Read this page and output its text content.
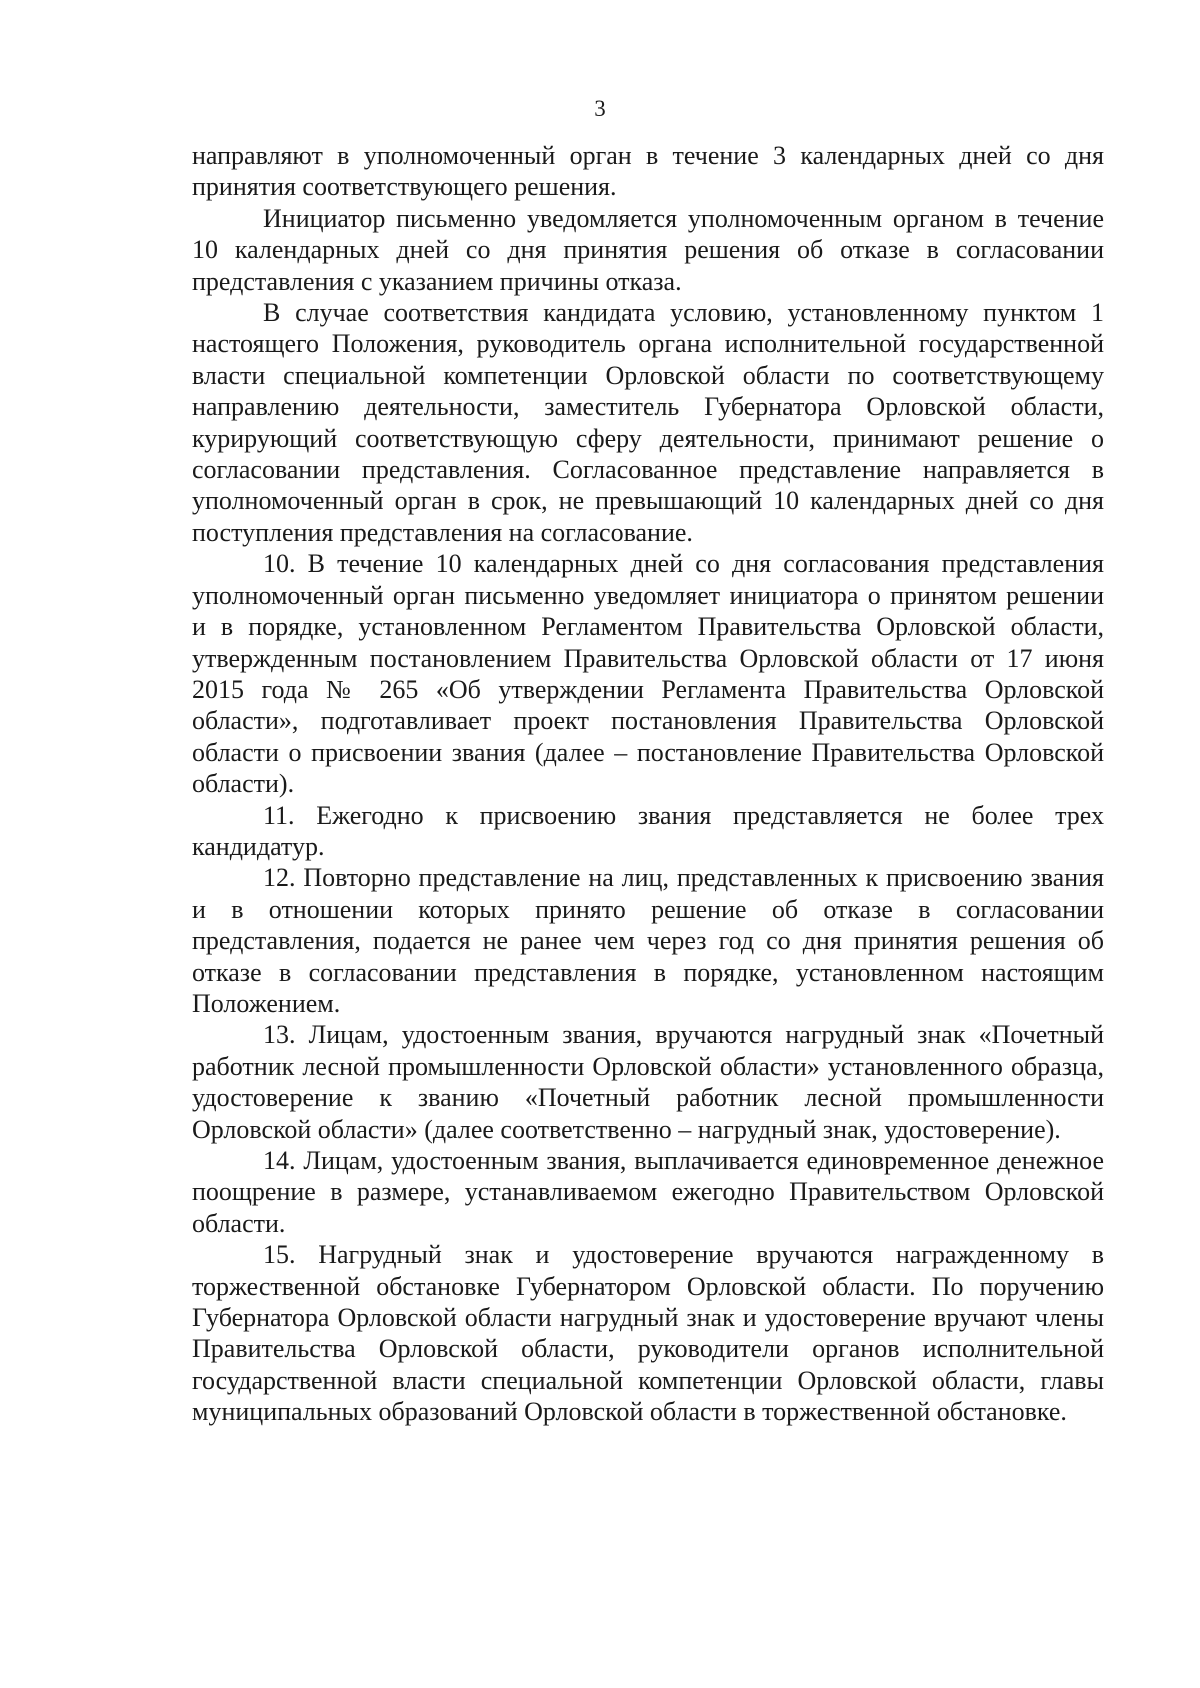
3

направляют в уполномоченный орган в течение 3 календарных дней со дня принятия соответствующего решения.

Инициатор письменно уведомляется уполномоченным органом в течение 10 календарных дней со дня принятия решения об отказе в согласовании представления с указанием причины отказа.

В случае соответствия кандидата условию, установленному пунктом 1 настоящего Положения, руководитель органа исполнительной государственной власти специальной компетенции Орловской области по соответствующему направлению деятельности, заместитель Губернатора Орловской области, курирующий соответствующую сферу деятельности, принимают решение о согласовании представления. Согласованное представление направляется в уполномоченный орган в срок, не превышающий 10 календарных дней со дня поступления представления на согласование.

10. В течение 10 календарных дней со дня согласования представления уполномоченный орган письменно уведомляет инициатора о принятом решении и в порядке, установленном Регламентом Правительства Орловской области, утвержденным постановлением Правительства Орловской области от 17 июня 2015 года № 265 «Об утверждении Регламента Правительства Орловской области», подготавливает проект постановления Правительства Орловской области о присвоении звания (далее – постановление Правительства Орловской области).

11. Ежегодно к присвоению звания представляется не более трех кандидатур.

12. Повторно представление на лиц, представленных к присвоению звания и в отношении которых принято решение об отказе в согласовании представления, подается не ранее чем через год со дня принятия решения об отказе в согласовании представления в порядке, установленном настоящим Положением.

13. Лицам, удостоенным звания, вручаются нагрудный знак «Почетный работник лесной промышленности Орловской области» установленного образца, удостоверение к званию «Почетный работник лесной промышленности Орловской области» (далее соответственно – нагрудный знак, удостоверение).

14. Лицам, удостоенным звания, выплачивается единовременное денежное поощрение в размере, устанавливаемом ежегодно Правительством Орловской области.

15. Нагрудный знак и удостоверение вручаются награжденному в торжественной обстановке Губернатором Орловской области. По поручению Губернатора Орловской области нагрудный знак и удостоверение вручают члены Правительства Орловской области, руководители органов исполнительной государственной власти специальной компетенции Орловской области, главы муниципальных образований Орловской области в торжественной обстановке.
